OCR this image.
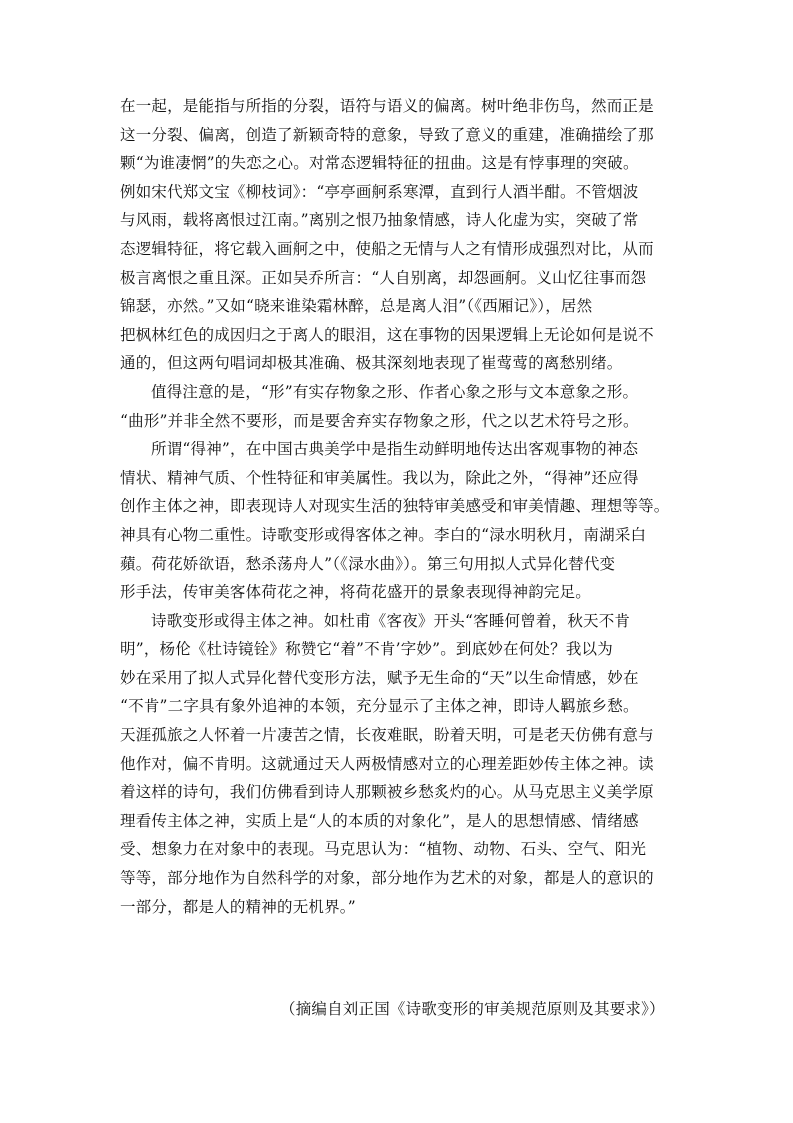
在一起，是能指与所指的分裂，语符与语义的偏离。树叶绝非伤鸟，然而正是
这一分裂、偏离，创造了新颖奇特的意象，导致了意义的重建，准确描绘了那
颗“为谁凄惘”的失恋之心。对常态逻辑特征的扭曲。这是有悖事理的突破。
例如宋代郑文宝《柳枝词》：“亭亭画舸系寒潭，直到行人酒半酣。不管烟波
与风雨，载将离恨过江南。”离别之恨乃抽象情感，诗人化虚为实，突破了常
态逻辑特征，将它载入画舸之中，使船之无情与人之有情形成强烈对比，从而
极言离恨之重且深。正如吴乔所言：“人自别离，却怨画舸。义山忆往事而怨
锦瑟，亦然。”又如“晓来谁染霜林醉，总是离人泪”（《西厢记》），居然
把枫林红色的成因归之于离人的眼泪，这在事物的因果逻辑上无论如何是说不
通的，但这两句唱词却极其准确、极其深刻地表现了崔莺莺的离愁别绪。
值得注意的是，“形”有实存物象之形、作者心象之形与文本意象之形。
“曲形”并非全然不要形，而是要舍弃实存物象之形，代之以艺术符号之形。
所谓“得神”，在中国古典美学中是指生动鲜明地传达出客观事物的神态
情状、精神气质、个性特征和审美属性。我以为，除此之外，“得神”还应得
创作主体之神，即表现诗人对现实生活的独特审美感受和审美情趣、理想等等。
神具有心物二重性。诗歌变形或得客体之神。李白的“渌水明秋月，南湖采白
蘋。荷花娇欲语，愁杀荡舟人”（《渌水曲》）。第三句用拟人式异化替代变
形手法，传审美客体荷花之神，将荷花盛开的景象表现得神韵完足。
诗歌变形或得主体之神。如杜甫《客夜》开头“客睡何曾着，秋天不肯
明”，杨伦《杜诗镜铨》称赞它“着”不肯’字妙”。到底妙在何处？我以为
妙在采用了拟人式异化替代变形方法，赋予无生命的“天”以生命情感，妙在
“不肯”二字具有象外追神的本领，充分显示了主体之神，即诗人羁旅乡愁。
天涯孤旅之人怀着一片凄苦之情，长夜难眠，盼着天明，可是老天仿佛有意与
他作对，偏不肯明。这就通过天人两极情感对立的心理差距妙传主体之神。读
着这样的诗句，我们仿佛看到诗人那颗被乡愁炙灼的心。从马克思主义美学原
理看传主体之神，实质上是“人的本质的对象化”，是人的思想情感、情绪感
受、想象力在对象中的表现。马克思认为：“植物、动物、石头、空气、阳光
等等，部分地作为自然科学的对象，部分地作为艺术的对象，都是人的意识的
一部分，都是人的精神的无机界。”
（摘编自刘正国《诗歌变形的审美规范原则及其要求》）
